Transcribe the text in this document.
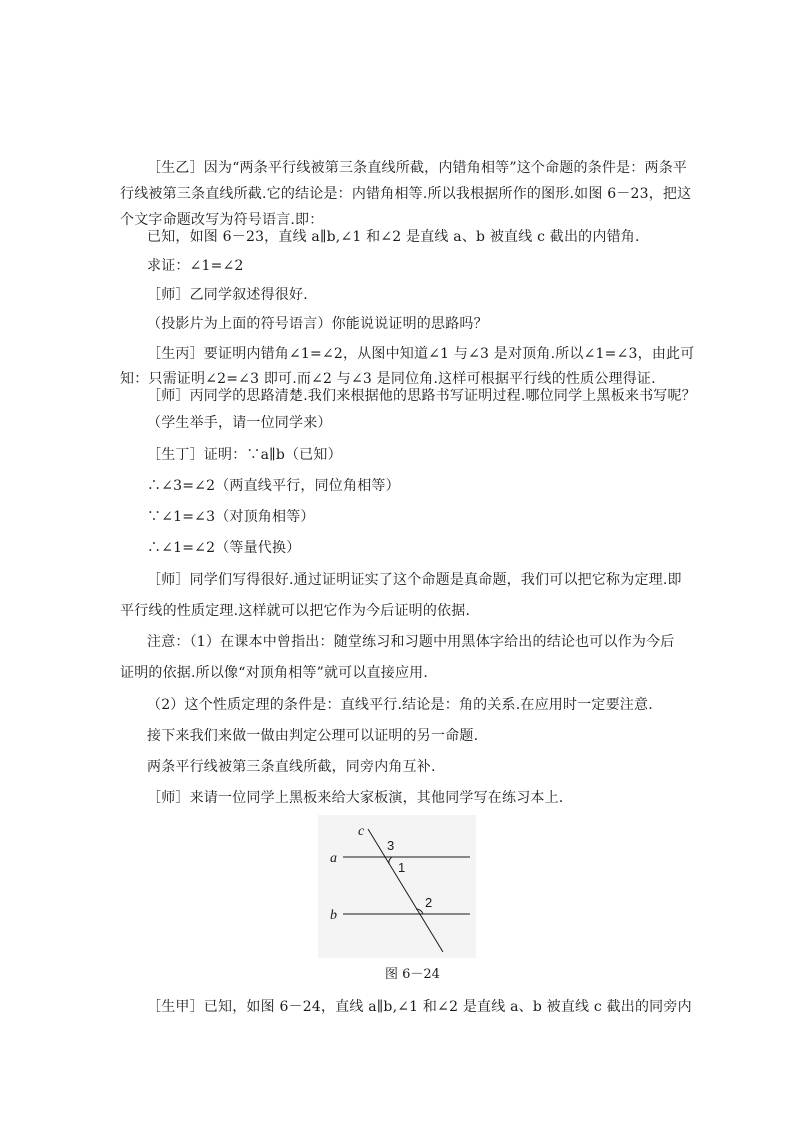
［生乙］因为“两条平行线被第三条直线所截，内错角相等”这个命题的条件是：两条平
行线被第三条直线所截.它的结论是：内错角相等.所以我根据所作的图形.如图 6－23，把这
个文字命题改写为符号语言.即：
已知，如图 6－23，直线 a∥b,∠1 和∠2 是直线 a、b 被直线 c 截出的内错角.
求证：∠1=∠2
［师］乙同学叙述得很好.
（投影片为上面的符号语言）你能说说证明的思路吗？
［生丙］要证明内错角∠1=∠2，从图中知道∠1 与∠3 是对顶角.所以∠1=∠3，由此可
知：只需证明∠2=∠3 即可.而∠2 与∠3 是同位角.这样可根据平行线的性质公理得证.
［师］丙同学的思路清楚.我们来根据他的思路书写证明过程.哪位同学上黑板来书写呢？
（学生举手，请一位同学来）
［生丁］证明：∵a∥b（已知）
∴∠3=∠2（两直线平行，同位角相等）
∵∠1=∠3（对顶角相等）
∴∠1=∠2（等量代换）
［师］同学们写得很好.通过证明证实了这个命题是真命题，我们可以把它称为定理.即
平行线的性质定理.这样就可以把它作为今后证明的依据.
注意：（1）在课本中曾指出：随堂练习和习题中用黑体字给出的结论也可以作为今后
证明的依据.所以像“对顶角相等”就可以直接应用.
（2）这个性质定理的条件是：直线平行.结论是：角的关系.在应用时一定要注意.
接下来我们来做一做由判定公理可以证明的另一命题.
两条平行线被第三条直线所截，同旁内角互补.
［师］来请一位同学上黑板来给大家板演，其他同学写在练习本上.
c
a
b
3
1
2
图 6－24
［生甲］已知，如图 6－24，直线 a∥b,∠1 和∠2 是直线 a、b 被直线 c 截出的同旁内
